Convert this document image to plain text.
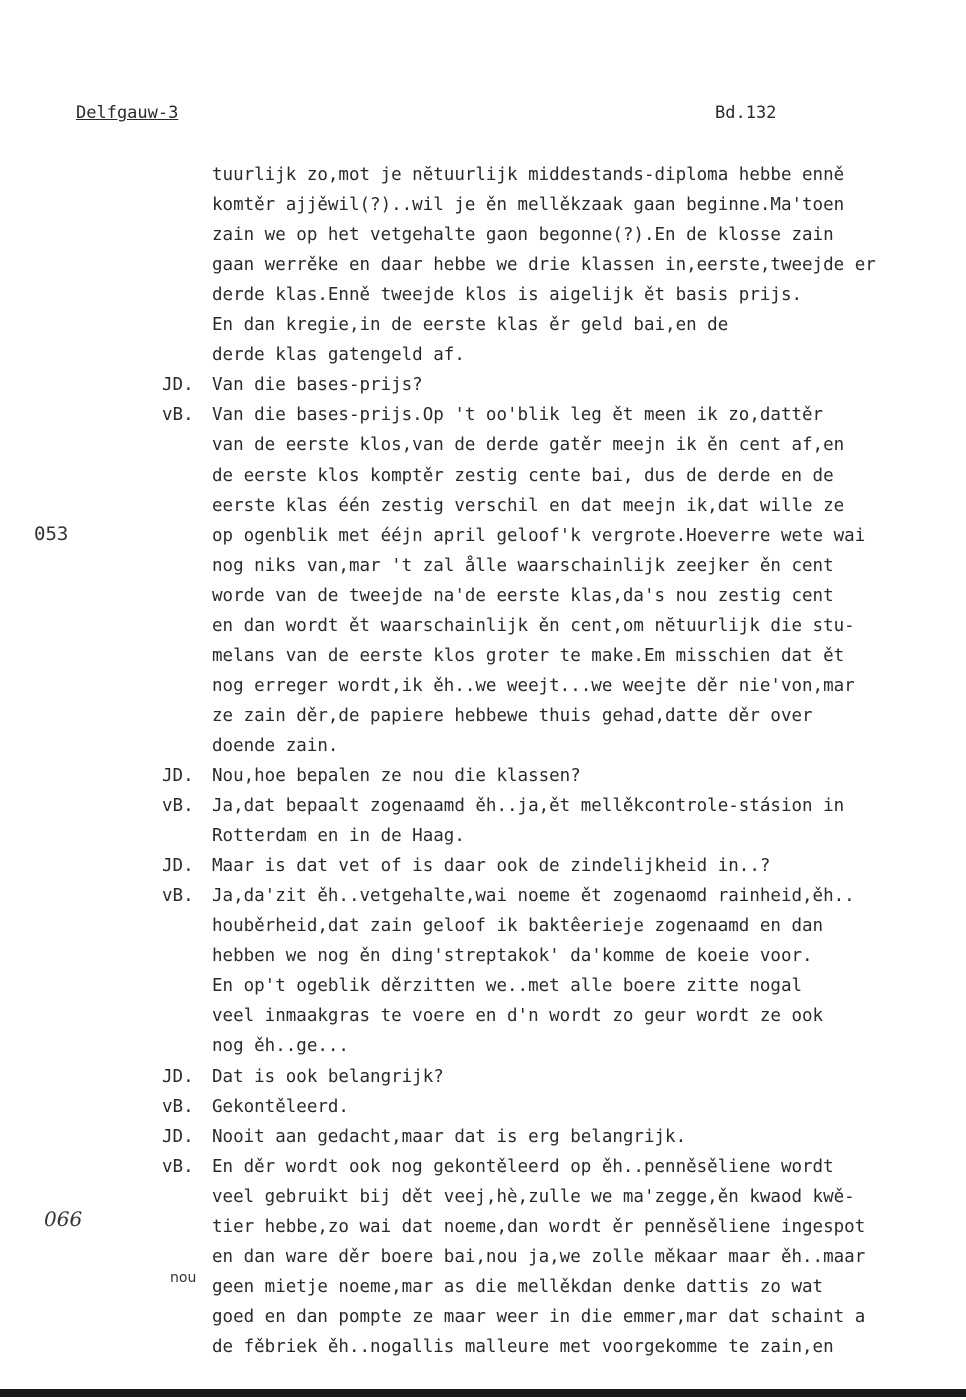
Delfgauw-3	Bd.132
053
066
nou
tuurlijk zo,mot je nĕtuurlijk middestands-diploma hebbe enně
komtěr ajjěwil(?)..wil je ěn mellěkzaak gaan beginne.Ma'toen
zain we op het vetgehalte gaon begonne(?).En de klosse zain
gaan werrěke en daar hebbe we drie klassen in,eerste,tweejde er
derde klas.Enně tweejde klos is aigelijk ět basis prijs.
En dan kregie,in de eerste klas ěr geld bai,en de
derde klas gatengeld af.
JD. Van die bases-prijs?
vB. Van die bases-prijs.Op 't oo'blik leg ět meen ik zo,dattěr
van de eerste klos,van de derde gatěr meejn ik ěn cent af,en
de eerste klos komptěr zestig cente bai, dus de derde en de
eerste klas één zestig verschil en dat meejn ik,dat wille ze
op ogenblik met ééjn april geloof'k vergrote.Hoeverre wete wai
nog niks van,mar 't zal ålle waarschainlijk zeejker ěn cent
worde van de tweejde na'de eerste klas,da's nou zestig cent
en dan wordt ět waarschainlijk ěn cent,om nĕtuurlijk die stu-
melans van de eerste klos groter te make.Em misschien dat ět
nog erreger wordt,ik ěh..we weejt...we weejte děr nie'von,mar
ze zain děr,de papiere hebbewe thuis gehad,datte děr over
doende zain.
JD. Nou,hoe bepalen ze nou die klassen?
vB. Ja,dat bepaalt zogenaamd ěh..ja,ět mellěkcontrole-stásion in
Rotterdam en in de Haag.
JD. Maar is dat vet of is daar ook de zindelijkheid in..?
vB. Ja,da'zit ěh..vetgehalte,wai noeme ět zogenaomd rainheid,ěh..
houběrheid,dat zain geloof ik baktêerieje zogenaamd en dan
hebben we nog ěn ding'streptakok' da'komme de koeie voor.
En op't ogeblik děrzitten we..met alle boere zitte nogal
veel inmaakgras te voere en d'n wordt zo geur wordt ze ook
nog ěh..ge...
JD. Dat is ook belangrijk?
vB. Gekontěleerd.
JD. Nooit aan gedacht,maar dat is erg belangrijk.
vB. En děr wordt ook nog gekontěleerd op ěh..penněsěliene wordt
veel gebruikt bij dět veej,hè,zulle we ma'zegge,ěn kwaod kwě-
tier hebbe,zo wai dat noeme,dan wordt ěr penněsěliene ingespot
en dan ware děr boere bai,nou ja,we zolle měkaar maar ěh..maar
geen mietje noeme,mar as die mellěkdan denke dattis zo wat
goed en dan pompte ze maar weer in die emmer,mar dat schaint a
de fěbriek ěh..nogallis malleure met voorgekomme te zain,en
